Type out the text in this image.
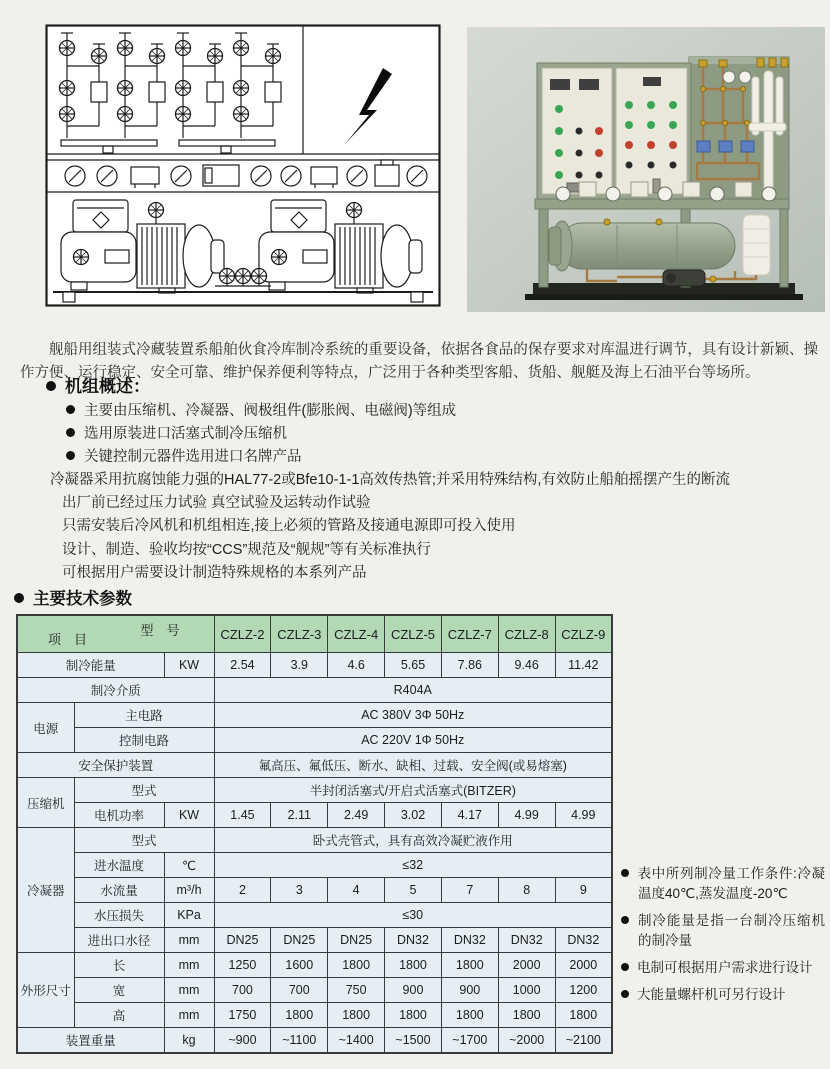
舰船用组装式冷藏装置系船舶伙食冷库制冷系统的重要设备，依据各食品的保存要求对库温进行调节，具有设计新颖、操作方便、运行稳定、安全可靠、维护保养便利等特点，广泛用于各种类型客船、货船、舰艇及海上石油平台等场所。

机组概述：
主要由压缩机、冷凝器、阀极组件(膨胀阀、电磁阀)等组成
选用原装进口活塞式制冷压缩机
关键控制元器件选用进口名牌产品
冷凝器采用抗腐蚀能力强的HAL77-2或Bfe10-1-1高效传热管;并采用特殊结构,有效防止船舶摇摆产生的断流
出厂前已经过压力试验 真空试验及运转动作试验
只需安装后冷风机和机组相连,接上必须的管路及接通电源即可投入使用
设计、制造、验收均按“CCS”规范及“舰规”等有关标准执行
可根据用户需要设计制造特殊规格的本系列产品
主要技术参数
型　号
项　目			CZLZ-2	CZLZ-3	CZLZ-4	CZLZ-5	CZLZ-7	CZLZ-8	CZLZ-9
制冷能量		KW	2.54	3.9	4.6	5.65	7.86	9.46	11.42
制冷介质			R404A						
电源	主电路		AC 380V 3Φ 50Hz						
	控制电路		AC 220V 1Φ 50Hz						
安全保护装置			氟高压、氟低压、断水、缺相、过载、安全阀(或易熔塞)						
压缩机	型式		半封闭活塞式/开启式活塞式(BITZER)						
	电机功率	KW	1.45	2.11	2.49	3.02	4.17	4.99	4.99
冷凝器	型式		卧式壳管式，具有高效冷凝贮液作用						
	进水温度	℃	≤32						
	水流量	m³/h	2	3	4	5	7	8	9
	水压损失	KPa	≤30						
	进出口水径	mm	DN25	DN25	DN25	DN32	DN32	DN32	DN32
外形尺寸	长	mm	1250	1600	1800	1800	1800	2000	2000
	宽	mm	700	700	750	900	900	1000	1200
	高	mm	1750	1800	1800	1800	1800	1800	1800
装置重量		kg	~900	~1100	~1400	~1500	~1700	~2000	~2100
表中所列制冷量工作条件:冷凝温度40℃,蒸发温度-20℃
制冷能量是指一台制冷压缩机的制冷量
电制可根据用户需求进行设计
大能量螺杆机可另行设计
